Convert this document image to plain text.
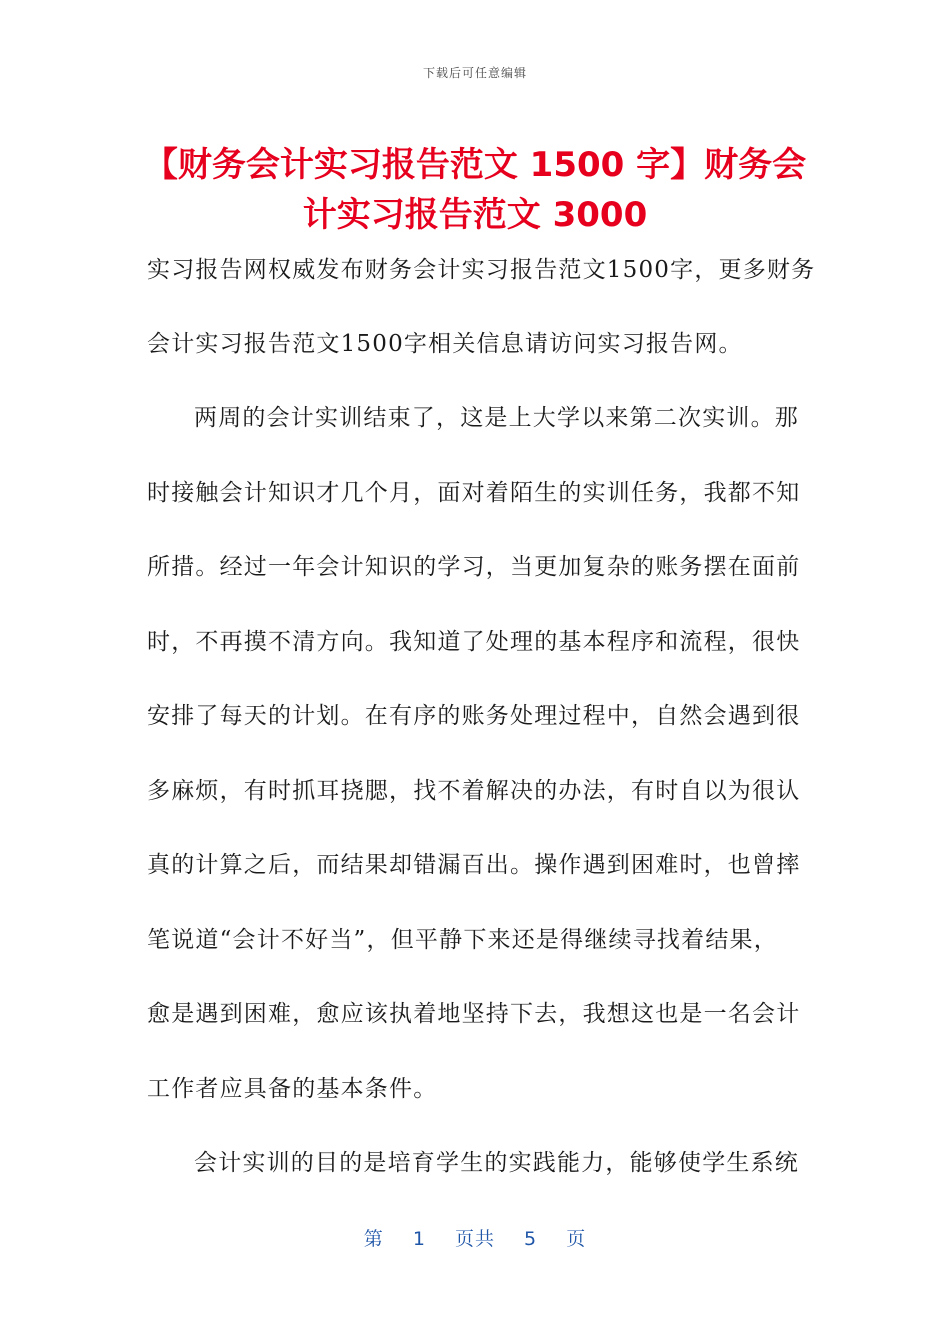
下载后可任意编辑
【财务会计实习报告范文 1500 字】财务会
计实习报告范文 3000
实习报告网权威发布财务会计实习报告范文1500字，更多财务
会计实习报告范文1500字相关信息请访问实习报告网。
两周的会计实训结束了，这是上大学以来第二次实训。那
时接触会计知识才几个月，面对着陌生的实训任务，我都不知
所措。经过一年会计知识的学习，当更加复杂的账务摆在面前
时，不再摸不清方向。我知道了处理的基本程序和流程，很快
安排了每天的计划。在有序的账务处理过程中，自然会遇到很
多麻烦，有时抓耳挠腮，找不着解决的办法，有时自以为很认
真的计算之后，而结果却错漏百出。操作遇到困难时，也曾摔
笔说道“会计不好当”，但平静下来还是得继续寻找着结果，
愈是遇到困难，愈应该执着地坚持下去，我想这也是一名会计
工作者应具备的基本条件。
会计实训的目的是培育学生的实践能力，能够使学生系统
第 1 页共 5 页
